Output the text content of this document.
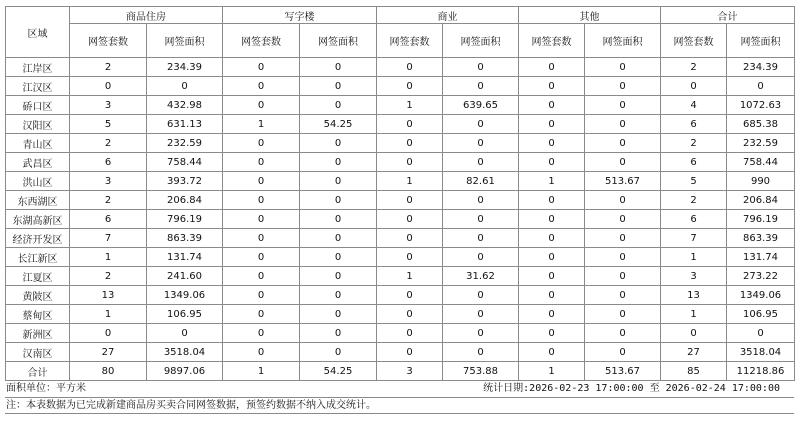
区域	商品住房		写字楼		商业		其他		合计	
	网签套数	网签面积	网签套数	网签面积	网签套数	网签面积	网签套数	网签面积	网签套数	网签面积
江岸区	2	234.39	0	0	0	0	0	0	2	234.39
江汉区	0	0	0	0	0	0	0	0	0	0
硚口区	3	432.98	0	0	1	639.65	0	0	4	1072.63
汉阳区	5	631.13	1	54.25	0	0	0	0	6	685.38
青山区	2	232.59	0	0	0	0	0	0	2	232.59
武昌区	6	758.44	0	0	0	0	0	0	6	758.44
洪山区	3	393.72	0	0	1	82.61	1	513.67	5	990
东西湖区	2	206.84	0	0	0	0	0	0	2	206.84
东湖高新区	6	796.19	0	0	0	0	0	0	6	796.19
经济开发区	7	863.39	0	0	0	0	0	0	7	863.39
长江新区	1	131.74	0	0	0	0	0	0	1	131.74
江夏区	2	241.60	0	0	1	31.62	0	0	3	273.22
黄陂区	13	1349.06	0	0	0	0	0	0	13	1349.06
蔡甸区	1	106.95	0	0	0	0	0	0	1	106.95
新洲区	0	0	0	0	0	0	0	0	0	0
汉南区	27	3518.04	0	0	0	0	0	0	27	3518.04
合计	80	9897.06	1	54.25	3	753.88	1	513.67	85	11218.86
面积单位：平方米	统计日期:2026-02-23 17:00:00 至 2026-02-24 17:00:00
注：本表数据为已完成新建商品房买卖合同网签数据，预签约数据不纳入成交统计。
